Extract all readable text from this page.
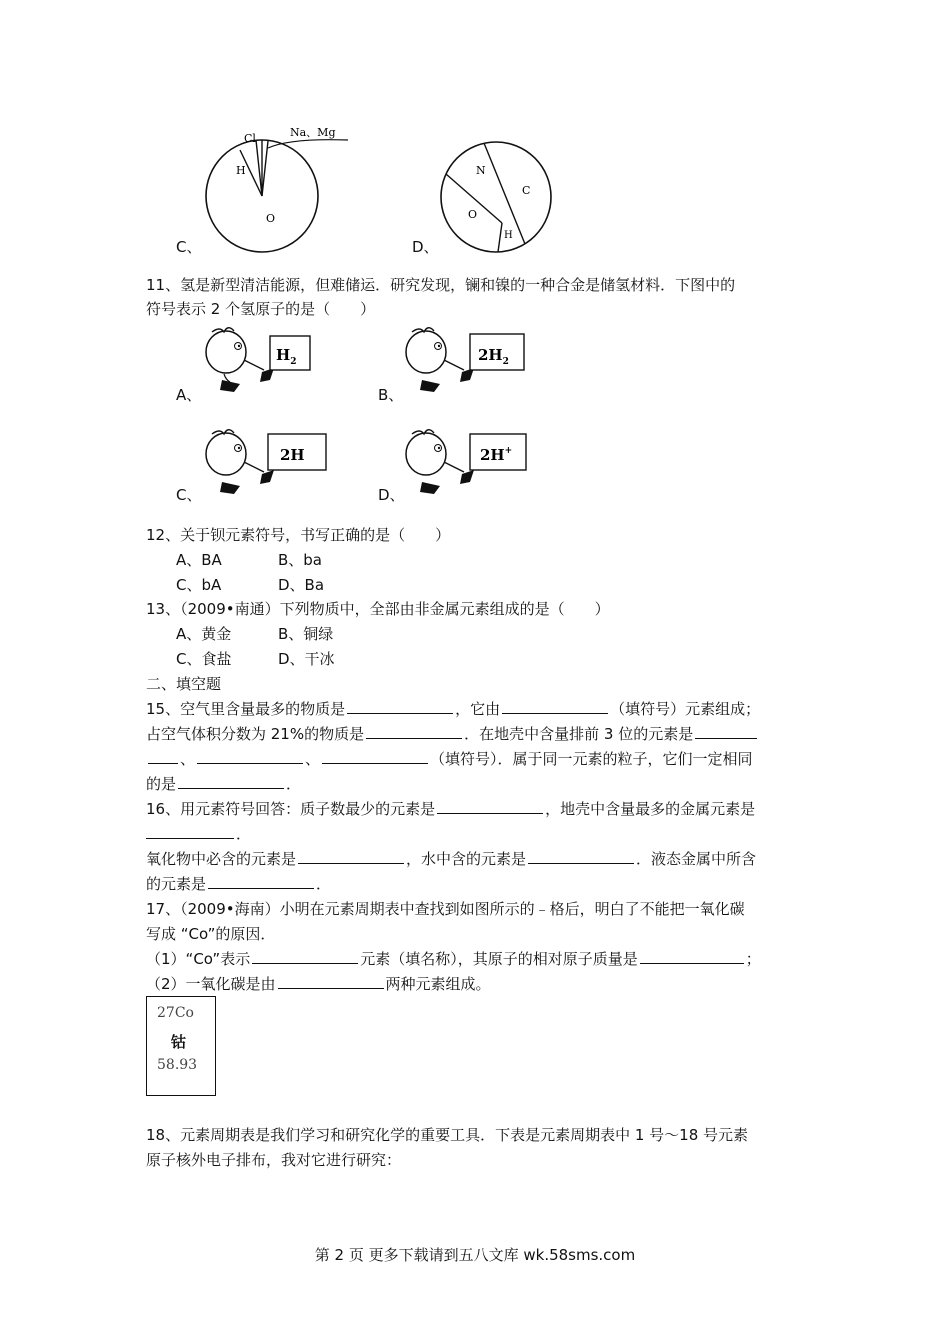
C、
Cl	Na、Mg
H
O
D、
N
C
O
H
11、氢是新型清洁能源，但难储运．研究发现，镧和镍的一种合金是储氢材料．下图中的
符号表示 2 个氢原子的是（　　）
A、	B、
C、	D、
$H_2$	$2H_2$
2H	2H+
12、关于钡元素符号，书写正确的是（　　）
A、BA	B、ba
C、bA	D、Ba
13、（2009•南通）下列物质中，全部由非金属元素组成的是（　　）
A、黄金	B、铜绿
C、食盐	D、干冰
二、填空题
15、空气里含量最多的物质是	，它由	（填符号）元素组成；
占空气体积分数为 21%的物质是	．在地壳中含量排前 3 位的元素是
、	、	（填符号）．属于同一元素的粒子，它们一定相同
的是	．
16、用元素符号回答：质子数最少的元素是	，地壳中含量最多的金属元素是
．
氧化物中必含的元素是	，水中含的元素是	．液态金属中所含
的元素是	．
17、（2009•海南）小明在元素周期表中查找到如图所示的﹣格后，明白了不能把一氧化碳
写成 “Co”的原因．
（1）“Co”表示	元素（填名称），其原子的相对原子质量是	；
（2）一氧化碳是由	两种元素组成。
27Co
钴
58.93
18、元素周期表是我们学习和研究化学的重要工具．下表是元素周期表中 1 号～18 号元素
原子核外电子排布，我对它进行研究：
第 2 页 更多下载请到五八文库 wk.58sms.com
